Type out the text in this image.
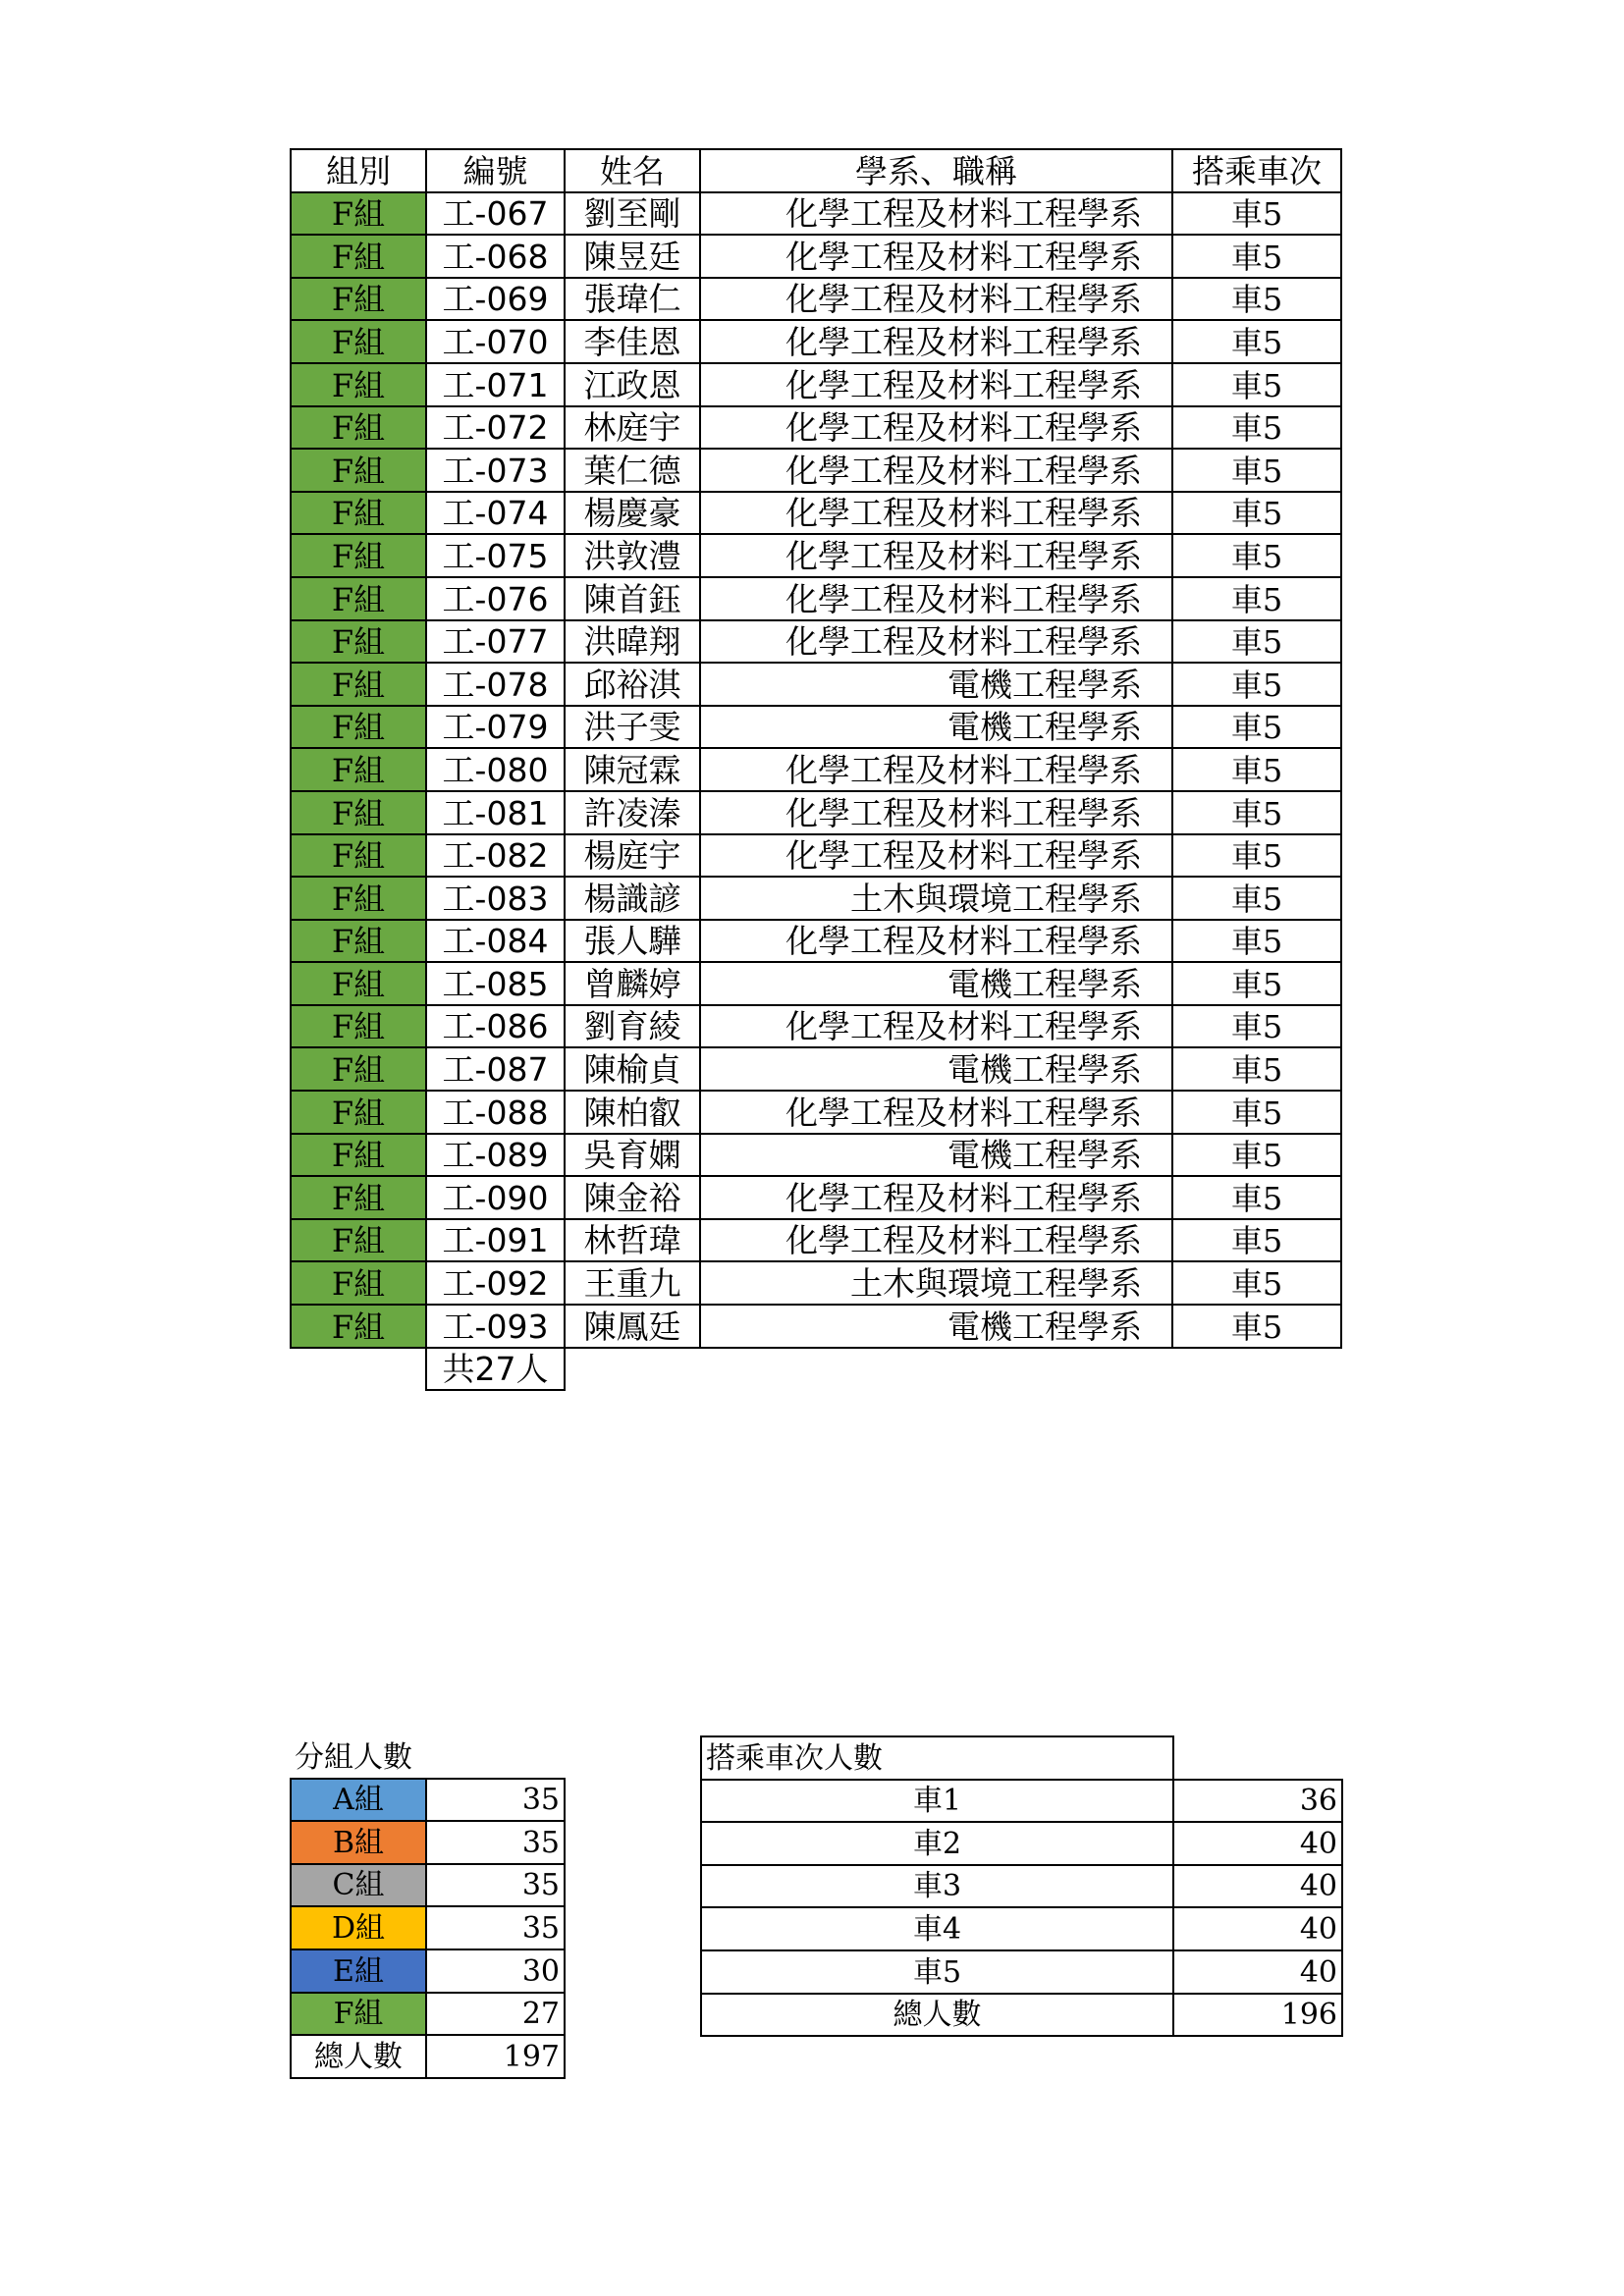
組別	編號	姓名	學系、職稱	搭乘車次
F組	工-067	劉至剛	化學工程及材料工程學系	車5
F組	工-068	陳昱廷	化學工程及材料工程學系	車5
F組	工-069	張瑋仁	化學工程及材料工程學系	車5
F組	工-070	李佳恩	化學工程及材料工程學系	車5
F組	工-071	江政恩	化學工程及材料工程學系	車5
F組	工-072	林庭宇	化學工程及材料工程學系	車5
F組	工-073	葉仁德	化學工程及材料工程學系	車5
F組	工-074	楊慶豪	化學工程及材料工程學系	車5
F組	工-075	洪敦澧	化學工程及材料工程學系	車5
F組	工-076	陳首鈺	化學工程及材料工程學系	車5
F組	工-077	洪暐翔	化學工程及材料工程學系	車5
F組	工-078	邱裕淇	電機工程學系	車5
F組	工-079	洪子雯	電機工程學系	車5
F組	工-080	陳冠霖	化學工程及材料工程學系	車5
F組	工-081	許凌溱	化學工程及材料工程學系	車5
F組	工-082	楊庭宇	化學工程及材料工程學系	車5
F組	工-083	楊識諺	土木與環境工程學系	車5
F組	工-084	張人驊	化學工程及材料工程學系	車5
F組	工-085	曾麟婷	電機工程學系	車5
F組	工-086	劉育綾	化學工程及材料工程學系	車5
F組	工-087	陳榆貞	電機工程學系	車5
F組	工-088	陳柏叡	化學工程及材料工程學系	車5
F組	工-089	吳育嫻	電機工程學系	車5
F組	工-090	陳金裕	化學工程及材料工程學系	車5
F組	工-091	林哲瑋	化學工程及材料工程學系	車5
F組	工-092	王重九	土木與環境工程學系	車5
F組	工-093	陳鳳廷	電機工程學系	車5
	共27人			
分組人數	
A組	35
B組	35
C組	35
D組	35
E組	30
F組	27
總人數	197
搭乘車次人數	
車1	36
車2	40
車3	40
車4	40
車5	40
總人數	196
